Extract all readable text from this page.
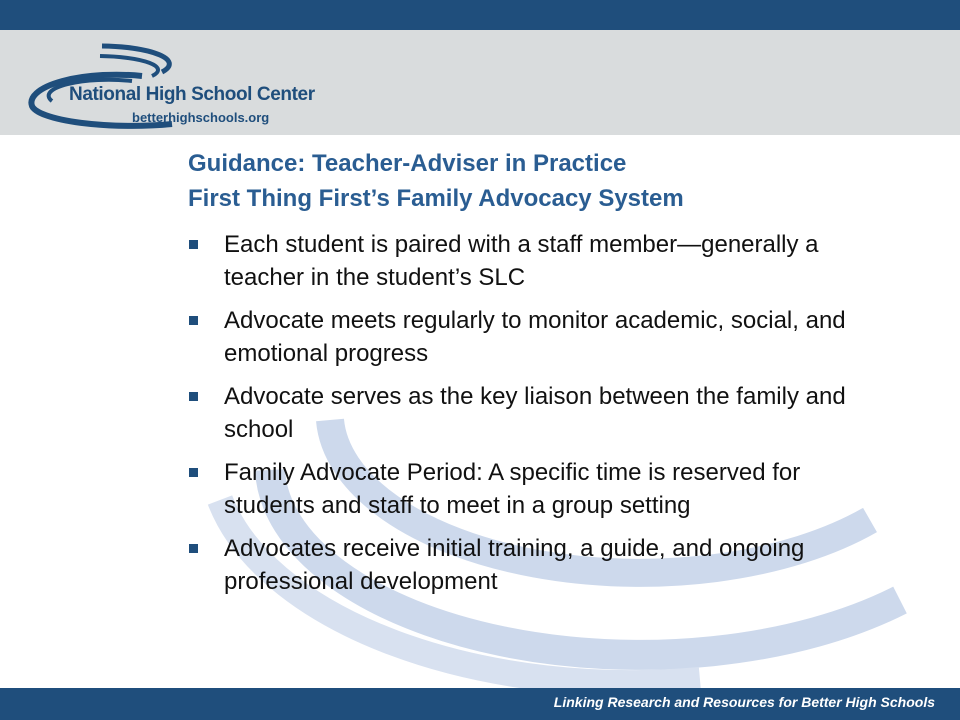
National High School Center
betterhighschools.org
Guidance: Teacher-Adviser in Practice
First Thing First’s Family Advocacy System
Each student is paired with a staff member—generally a teacher in the student’s SLC
Advocate meets regularly to monitor academic, social, and emotional progress
Advocate serves as the key liaison between the family and school
Family Advocate Period: A specific time is reserved for students and staff to meet in a group setting
Advocates receive initial training, a guide, and ongoing professional development
Linking Research and Resources for Better High Schools
